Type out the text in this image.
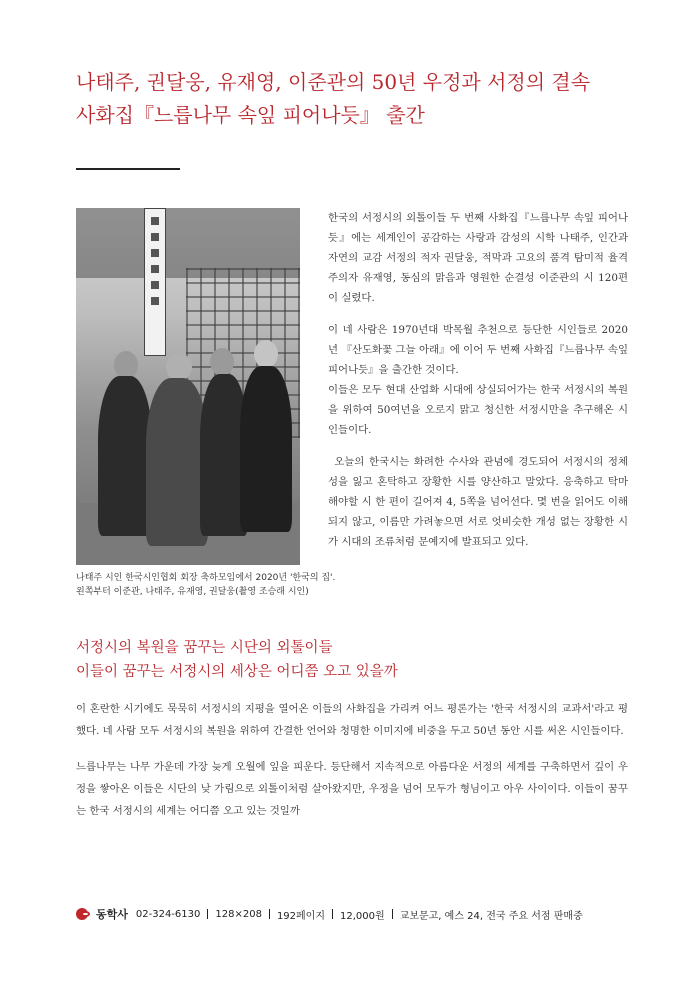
나태주, 권달웅, 유재영, 이준관의 50년 우정과 서정의 결속
사화집『느릅나무 속잎 피어나듯』 출간
나태주 시인 한국시인협회 회장 축하모임에서 2020년 '한국의 집'.
왼쪽부터 이준관, 나태주, 유재영, 권달웅(촬영 조승래 시인)

한국의 서정시의 외톨이들 두 번째 사화집『느릅나무 속잎 피어나듯』에는 세계인이 공감하는 사랑과 감성의 시학 나태주, 인간과 자연의 교감 서정의 적자 권달웅, 적막과 고요의 품격 탐미적 율격주의자 유재영, 동심의 맑음과 영원한 순결성 이준관의 시 120편이 실렸다.

이 네 사람은 1970년대 박목월 추천으로 등단한 시인들로 2020년 『산도화꽃 그늘 아래』에 이어 두 번째 사화집『느릅나무 속잎 피어나듯』을 출간한 것이다.

이들은 모두 현대 산업화 시대에 상실되어가는 한국 서정시의 복원을 위하여 50여년을 오로지 맑고 청신한 서정시만을 추구해온 시인들이다.

오늘의 한국시는 화려한 수사와 관념에 경도되어 서정시의 정체성을 잃고 혼탁하고 장황한 시를 양산하고 말았다. 응축하고 탁마해야할 시 한 편이 길어져 4, 5쪽을 넘어선다. 몇 번을 읽어도 이해되지 않고, 이름만 가려놓으면 서로 엇비슷한 개성 없는 장황한 시가 시대의 조류처럼 문예지에 발표되고 있다.

서정시의 복원을 꿈꾸는 시단의 외톨이들
이들이 꿈꾸는 서정시의 세상은 어디쯤 오고 있을까

이 혼란한 시기에도 묵묵히 서정시의 지평을 열어온 이들의 사화집을 가리켜 어느 평론가는 '한국 서정시의 교과서'라고 평했다. 네 사람 모두 서정시의 복원을 위하여 간결한 언어와 청명한 이미지에 비중을 두고 50년 동안 시를 써온 시인들이다.

느릅나무는 나무 가운데 가장 늦게 오월에 잎을 피운다. 등단해서 지속적으로 아름다운 서정의 세계를 구축하면서 깊이 우정을 쌓아온 이들은 시단의 낮 가림으로 외톨이처럼 살아왔지만, 우정을 넘어 모두가 형님이고 아우 사이이다. 이들이 꿈꾸는 한국 서정시의 세계는 어디쯤 오고 있는 것일까

동학사 02-324-6130 128×208 192페이지 12,000원 교보문고, 예스 24, 전국 주요 서점 판매중
